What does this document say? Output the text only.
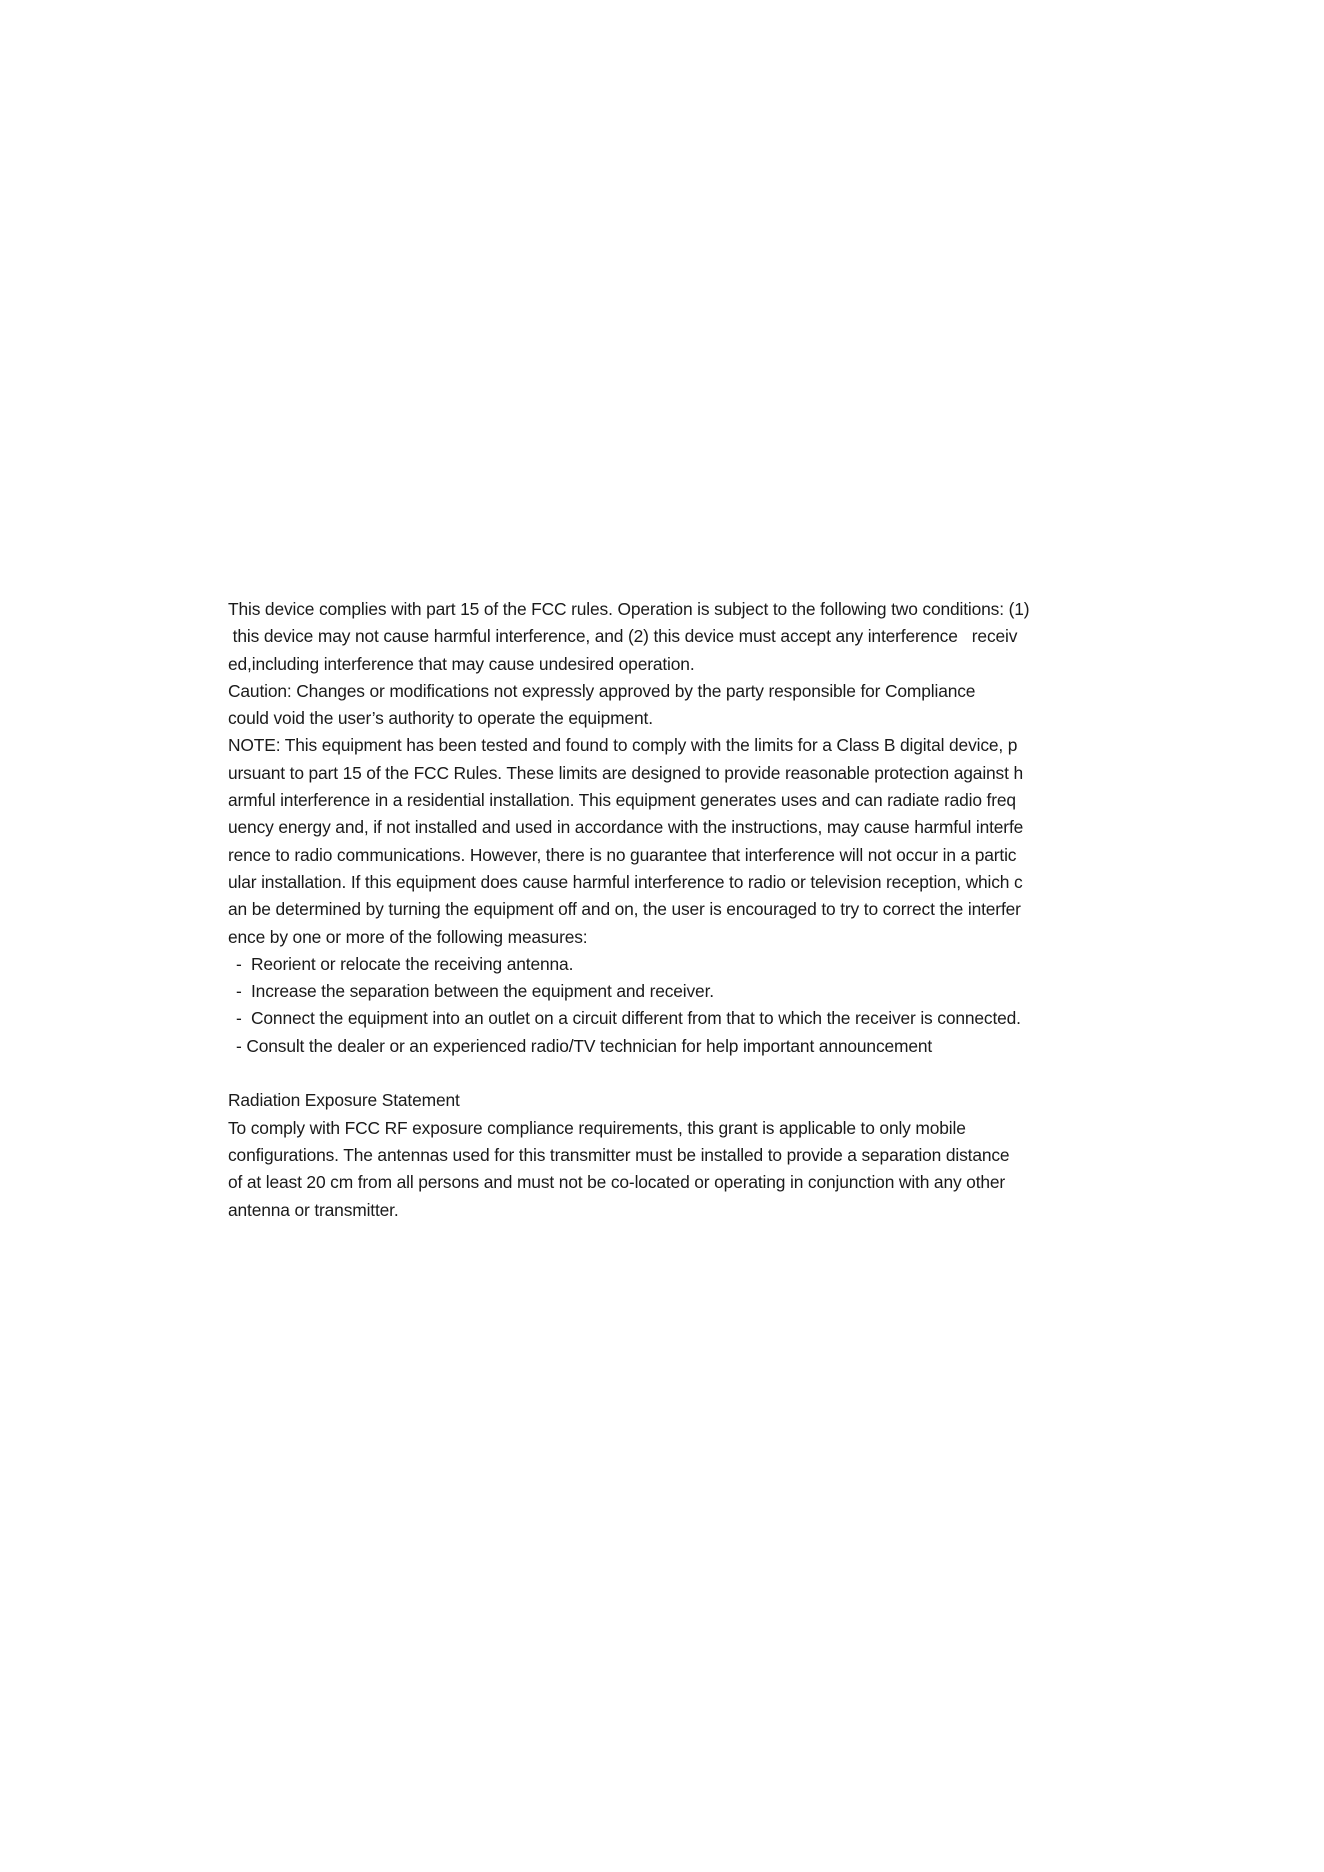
This device complies with part 15 of the FCC rules. Operation is subject to the following two conditions: (1)
this device may not cause harmful interference, and (2) this device must accept any interference   receiv
ed,including interference that may cause undesired operation.
Caution: Changes or modifications not expressly approved by the party responsible for Compliance
could void the user’s authority to operate the equipment.
NOTE: This equipment has been tested and found to comply with the limits for a Class B digital device, p
ursuant to part 15 of the FCC Rules. These limits are designed to provide reasonable protection against h
armful interference in a residential installation. This equipment generates uses and can radiate radio freq
uency energy and, if not installed and used in accordance with the instructions, may cause harmful interfe
rence to radio communications. However, there is no guarantee that interference will not occur in a partic
ular installation. If this equipment does cause harmful interference to radio or television reception, which c
an be determined by turning the equipment off and on, the user is encouraged to try to correct the interfer
ence by one or more of the following measures:
-  Reorient or relocate the receiving antenna.
-  Increase the separation between the equipment and receiver.
-  Connect the equipment into an outlet on a circuit different from that to which the receiver is connected.
- Consult the dealer or an experienced radio/TV technician for help important announcement
Radiation Exposure Statement
To comply with FCC RF exposure compliance requirements, this grant is applicable to only mobile
configurations. The antennas used for this transmitter must be installed to provide a separation distance
of at least 20 cm from all persons and must not be co-located or operating in conjunction with any other
antenna or transmitter.
